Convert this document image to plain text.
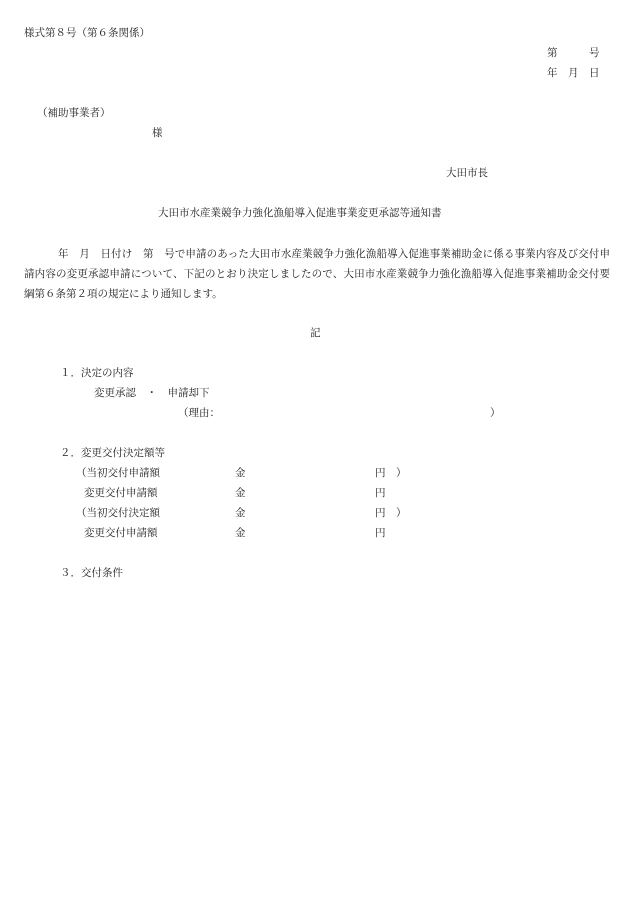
様式第８号（第６条関係）
第　　　号
年　月　日
（補助事業者）
様
大田市長
大田市水産業競争力強化漁船導入促進事業変更承認等通知書
年　月　日付け　第　号で申請のあった大田市水産業競争力強化漁船導入促進事業補助金に係る事業内容及び交付申請内容の変更承認申請について、下記のとおり決定しましたので、大田市水産業競争力強化漁船導入促進事業補助金交付要綱第６条第２項の規定により通知します。
記
１．決定の内容
変更承認　・　申請却下
（理由：	）
２．変更交付決定額等
（当初交付申請額	金	円 ）
変更交付申請額	金	円
（当初交付決定額	金	円 ）
変更交付申請額	金	円
３．交付条件
